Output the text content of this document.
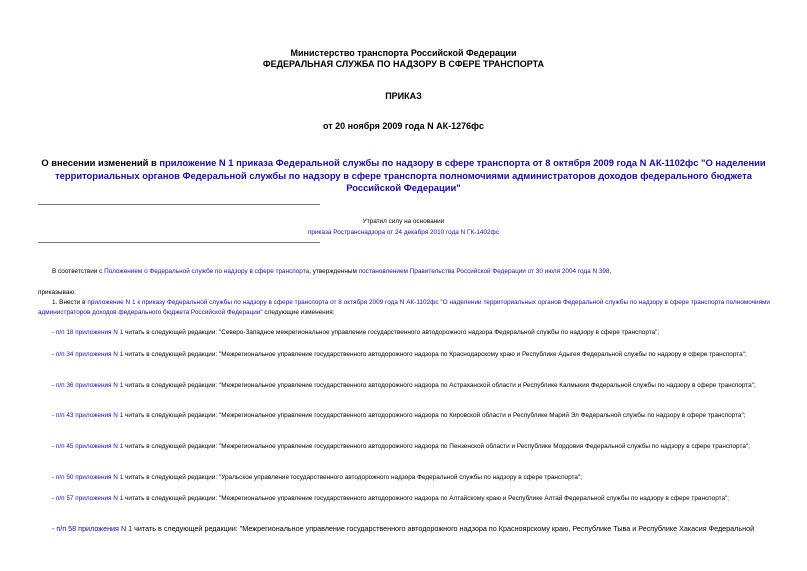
Министерство транспорта Российской Федерации
ФЕДЕРАЛЬНАЯ СЛУЖБА ПО НАДЗОРУ В СФЕРЕ ТРАНСПОРТА
ПРИКАЗ
от 20 ноября 2009 года N АК-1276фс
О внесении изменений в приложение N 1 приказа Федеральной службы по надзору в сфере транспорта от 8 октября 2009 года N АК-1102фс "О наделении территориальных органов Федеральной службы по надзору в сфере транспорта полномочиями администраторов доходов федерального бюджета Российской Федерации"
Утратил силу на основании
приказа Ространснадзора от 24 декабря 2010 года N ГК-1402фс
В соответствии с Положением о Федеральной службе по надзору в сфере транспорта, утвержденным постановлением Правительства Российской Федерации от 30 июля 2004 года N 398,
приказываю:
1. Внести в приложение N 1 к приказу Федеральной службы по надзору в сфере транспорта от 8 октября 2009 года N АК-1102фс "О наделении территориальных органов Федеральной службы по надзору в сфере транспорта полномочиями администраторов доходов федерального бюджета Российской Федерации" следующие изменения:
- п/п 18 приложения N 1 читать в следующей редакции: "Северо-Западное межрегиональное управление государственного автодорожного надзора Федеральной службы по надзору в сфере транспорта";
- п/п 34 приложения N 1 читать в следующей редакции: "Межрегиональное управление государственного автодорожного надзора по Краснодарскому краю и Республике Адыгея Федеральной службы по надзору в сфере транспорта";
- п/п 36 приложения N 1 читать в следующей редакции: "Межрегиональное управление государственного автодорожного надзора по Астраханской области и Республике Калмыкия Федеральной службы по надзору в сфере транспорта";
- п/п 43 приложения N 1 читать в следующей редакции: "Межрегиональное управление государственного автодорожного надзора по Кировской области и Республике Марий Эл Федеральной службы по надзору в сфере транспорта";
- п/п 45 приложения N 1 читать в следующей редакции: "Межрегиональное управление государственного автодорожного надзора по Пензенской области и Республике Мордовия Федеральной службы по надзору в сфере транспорта";
- п/п 50 приложения N 1 читать в следующей редакции: "Уральское управление государственного автодорожного надзора Федеральной службы по надзору в сфере транспорта";
- п/п 57 приложения N 1 читать в следующей редакции: "Межрегиональное управление государственного автодорожного надзора по Алтайскому краю и Республике Алтай Федеральной службы по надзору в сфере транспорта";
- п/п 58 приложения N 1 читать в следующей редакции: "Межрегиональное управление государственного автодорожного надзора по Красноярскому краю, Республике Тыва и Республике Хакасия Федеральной
